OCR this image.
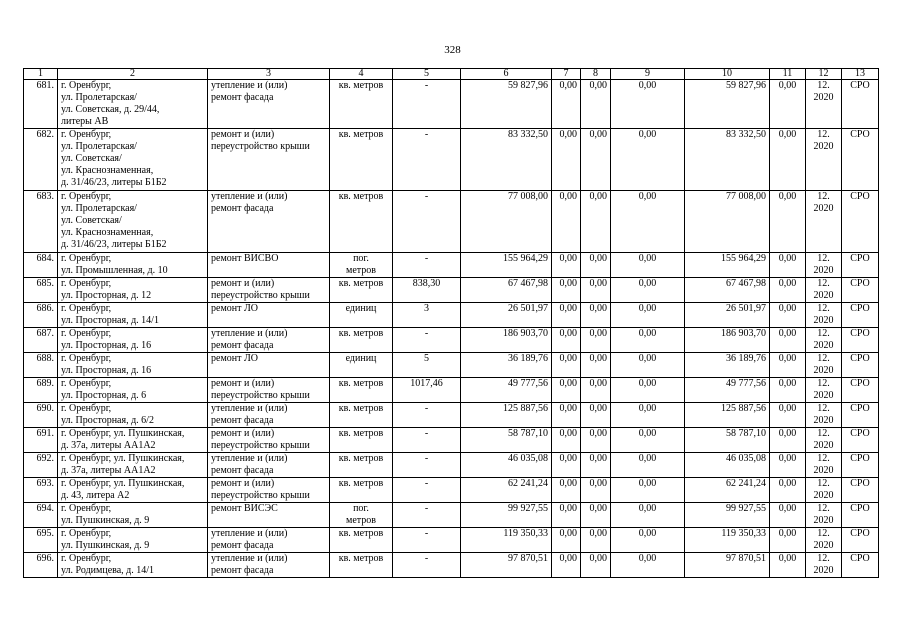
328
1	2	3	4	5	6	7	8	9	10	11	12	13
681.	г. Оренбург,
ул. Пролетарская/
ул. Советская, д. 29/44,
литеры АВ	утепление и (или)
ремонт фасада	кв. метров	-	59 827,96	0,00	0,00	0,00	59 827,96	0,00	12.
2020	СРО
682.	г. Оренбург,
ул. Пролетарская/
ул. Советская/
ул. Краснознаменная,
д. 31/46/23, литеры Б1Б2	ремонт и (или)
переустройство крыши	кв. метров	-	83 332,50	0,00	0,00	0,00	83 332,50	0,00	12.
2020	СРО
683.	г. Оренбург,
ул. Пролетарская/
ул. Советская/
ул. Краснознаменная,
д. 31/46/23, литеры Б1Б2	утепление и (или)
ремонт фасада	кв. метров	-	77 008,00	0,00	0,00	0,00	77 008,00	0,00	12.
2020	СРО
684.	г. Оренбург,
ул. Промышленная, д. 10	ремонт ВИСВО	пог.
метров	-	155 964,29	0,00	0,00	0,00	155 964,29	0,00	12.
2020	СРО
685.	г. Оренбург,
ул. Просторная, д. 12	ремонт и (или)
переустройство крыши	кв. метров	838,30	67 467,98	0,00	0,00	0,00	67 467,98	0,00	12.
2020	СРО
686.	г. Оренбург,
ул. Просторная, д. 14/1	ремонт ЛО	единиц	3	26 501,97	0,00	0,00	0,00	26 501,97	0,00	12.
2020	СРО
687.	г. Оренбург,
ул. Просторная, д. 16	утепление и (или)
ремонт фасада	кв. метров	-	186 903,70	0,00	0,00	0,00	186 903,70	0,00	12.
2020	СРО
688.	г. Оренбург,
ул. Просторная, д. 16	ремонт ЛО	единиц	5	36 189,76	0,00	0,00	0,00	36 189,76	0,00	12.
2020	СРО
689.	г. Оренбург,
ул. Просторная, д. 6	ремонт и (или)
переустройство крыши	кв. метров	1017,46	49 777,56	0,00	0,00	0,00	49 777,56	0,00	12.
2020	СРО
690.	г. Оренбург,
ул. Просторная, д. 6/2	утепление и (или)
ремонт фасада	кв. метров	-	125 887,56	0,00	0,00	0,00	125 887,56	0,00	12.
2020	СРО
691.	г. Оренбург, ул. Пушкинская,
д. 37а, литеры АА1А2	ремонт и (или)
переустройство крыши	кв. метров	-	58 787,10	0,00	0,00	0,00	58 787,10	0,00	12.
2020	СРО
692.	г. Оренбург, ул. Пушкинская,
д. 37а, литеры АА1А2	утепление и (или)
ремонт фасада	кв. метров	-	46 035,08	0,00	0,00	0,00	46 035,08	0,00	12.
2020	СРО
693.	г. Оренбург, ул. Пушкинская,
д. 43, литера А2	ремонт и (или)
переустройство крыши	кв. метров	-	62 241,24	0,00	0,00	0,00	62 241,24	0,00	12.
2020	СРО
694.	г. Оренбург,
ул. Пушкинская, д. 9	ремонт ВИСЭС	пог.
метров	-	99 927,55	0,00	0,00	0,00	99 927,55	0,00	12.
2020	СРО
695.	г. Оренбург,
ул. Пушкинская, д. 9	утепление и (или)
ремонт фасада	кв. метров	-	119 350,33	0,00	0,00	0,00	119 350,33	0,00	12.
2020	СРО
696.	г. Оренбург,
ул. Родимцева, д. 14/1	утепление и (или)
ремонт фасада	кв. метров	-	97 870,51	0,00	0,00	0,00	97 870,51	0,00	12.
2020	СРО
